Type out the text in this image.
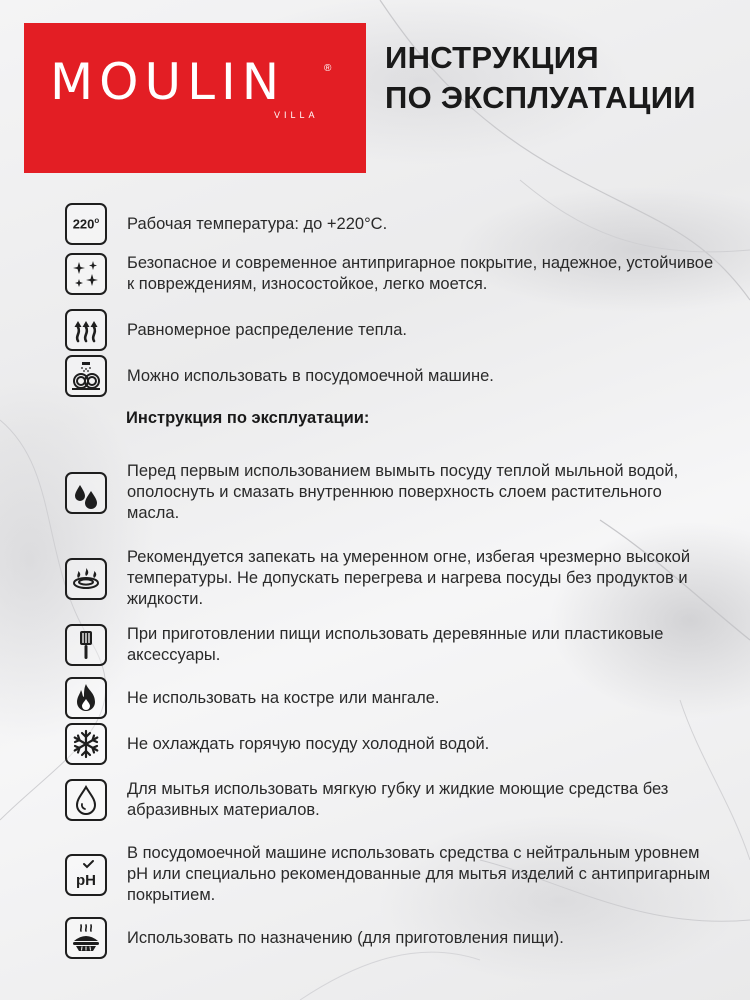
MOULIN	®
VILLA
ИНСТРУКЦИЯ
ПО ЭКСПЛУАТАЦИИ
220$^o$ Рабочая температура: до +220°С.
Безопасное и современное антипригарное покрытие, надежное, устойчивое к повреждениям, износостойкое, легко моется.
Равномерное распределение тепла.
Можно использовать в посудомоечной машине.
Инструкция по эксплуатации:
Перед первым использованием вымыть посуду теплой мыльной водой, ополоснуть и смазать внутреннюю поверхность слоем растительного масла.
Рекомендуется запекать на умеренном огне, избегая чрезмерно высокой температуры. Не допускать перегрева и нагрева посуды без продуктов и жидкости.
При приготовлении пищи использовать деревянные или пластиковые аксессуары.
Не использовать на костре или мангале.
Не охлаждать горячую посуду холодной водой.
Для мытья использовать мягкую губку и жидкие моющие средства без абразивных материалов.
pH
В посудомоечной машине использовать средства с нейтральным уровнем pH или специально рекомендованные для мытья изделий с антипригарным покрытием.
Использовать по назначению (для приготовления пищи).
